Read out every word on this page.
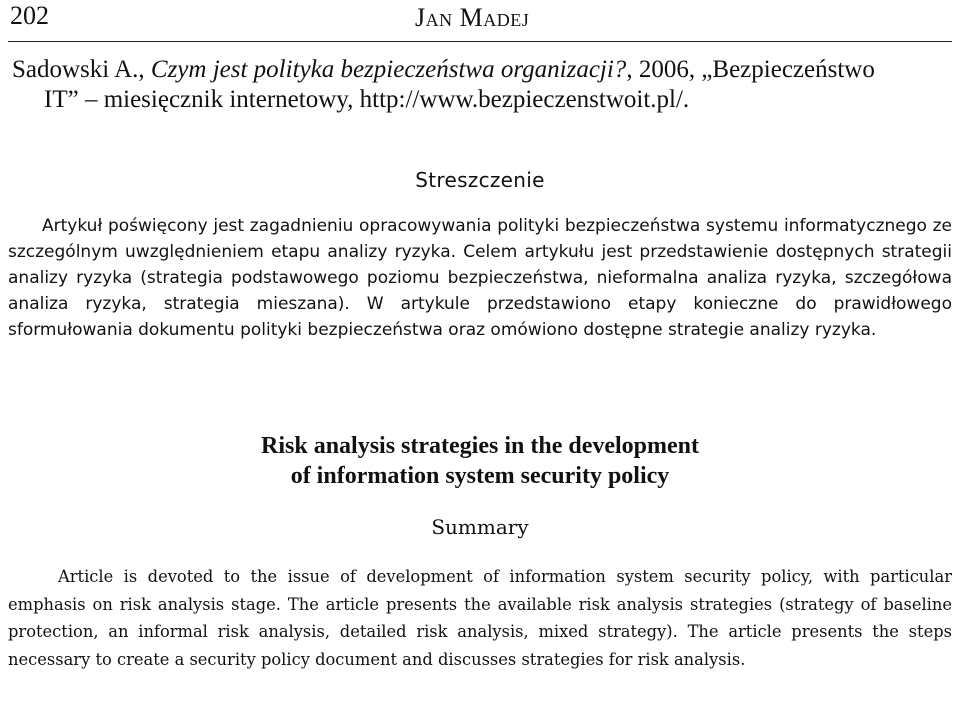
202	Jan Madej
Sadowski A., Czym jest polityka bezpieczeństwa organizacji?, 2006, „Bezpieczeństwo
IT” – miesięcznik internetowy, http://www.bezpieczenstwoit.pl/.
Streszczenie

Artykuł poświęcony jest zagadnieniu opracowywania polityki bezpieczeństwa systemu informatycznego ze szczególnym uwzględnieniem etapu analizy ryzyka. Celem artykułu jest przedstawienie dostępnych strategii analizy ryzyka (strategia podstawowego poziomu bezpieczeństwa, nieformalna analiza ryzyka, szczegółowa analiza ryzyka, strategia mieszana). W artykule przedstawiono etapy konieczne do prawidłowego sformułowania dokumentu polityki bezpieczeństwa oraz omówiono dostępne strategie analizy ryzyka.

Risk analysis strategies in the development
of information system security policy
Summary

Article is devoted to the issue of development of information system security policy, with particular emphasis on risk analysis stage. The article presents the available risk analysis strategies (strategy of baseline protection, an informal risk analysis, detailed risk analysis, mixed strategy). The article presents the steps necessary to create a security policy document and discusses strategies for risk analysis.
